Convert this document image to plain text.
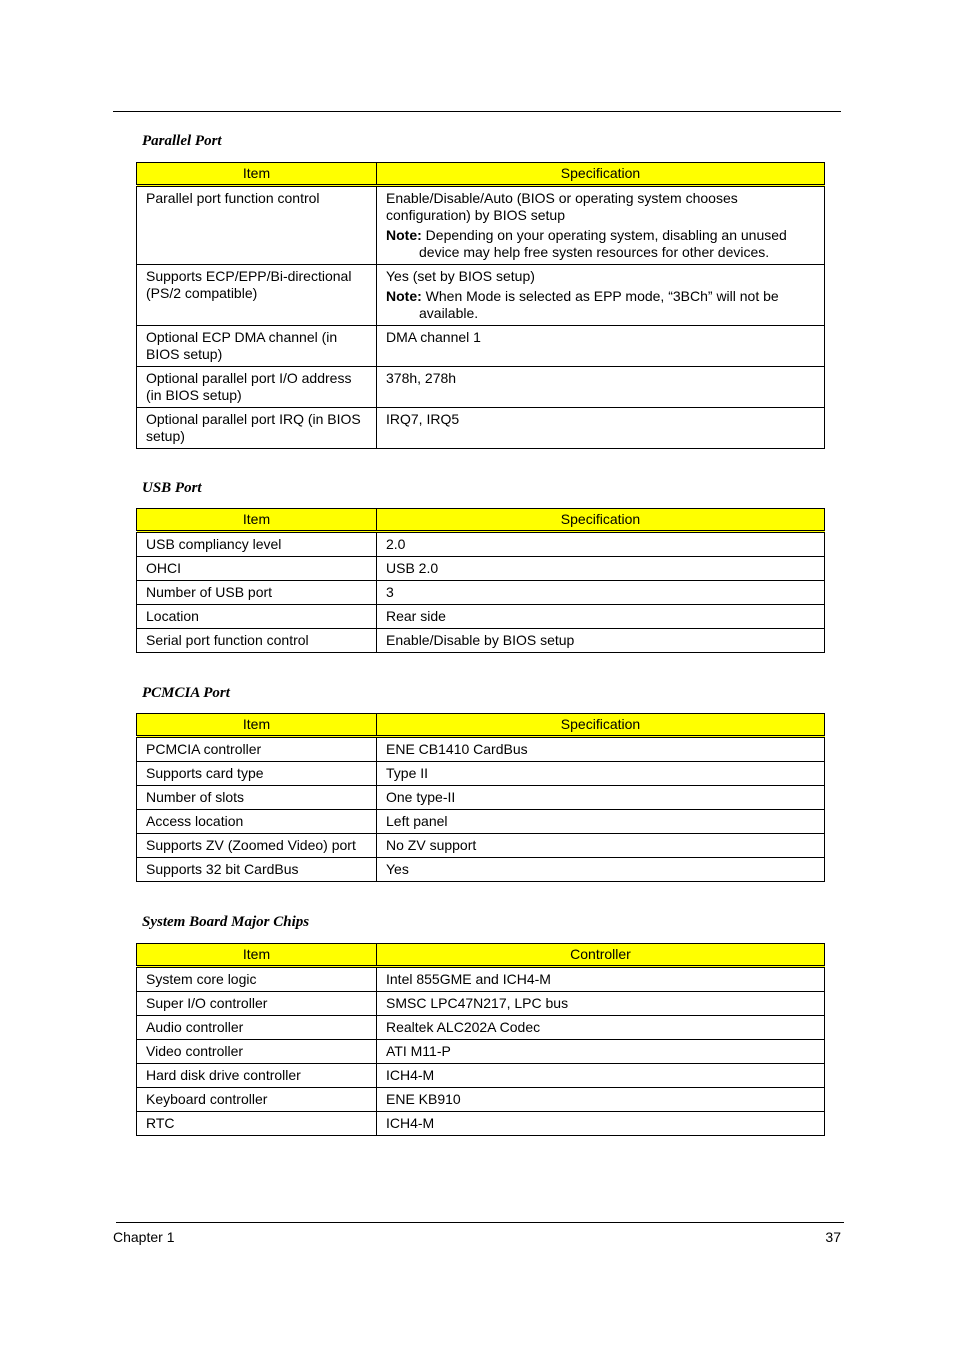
Parallel Port
Item	Specification
Parallel port function control	Enable/Disable/Auto (BIOS or operating system chooses configuration) by BIOS setup
Note: Depending on your operating system, disabling an unused device may help free systen resources for other devices.

Supports ECP/EPP/Bi-directional (PS/2 compatible)	Yes (set by BIOS setup)
Note: When Mode is selected as EPP mode, “3BCh” will not be available.

Optional ECP DMA channel (in BIOS setup)	DMA channel 1
Optional parallel port I/O address (in BIOS setup)	378h, 278h
Optional parallel port IRQ (in BIOS setup)	IRQ7, IRQ5
USB Port
Item	Specification
USB compliancy level	2.0
OHCI	USB 2.0
Number of USB port	3
Location	Rear side
Serial port function control	Enable/Disable by BIOS setup
PCMCIA Port
Item	Specification
PCMCIA controller	ENE CB1410 CardBus
Supports card type	Type II
Number of slots	One type-II
Access location	Left panel
Supports ZV (Zoomed Video) port	No ZV support
Supports 32 bit CardBus	Yes
System Board Major Chips
Item	Controller
System core logic	Intel 855GME and ICH4-M
Super I/O controller	SMSC LPC47N217, LPC bus
Audio controller	Realtek ALC202A Codec
Video controller	ATI M11-P
Hard disk drive controller	ICH4-M
Keyboard controller	ENE KB910
RTC	ICH4-M
Chapter 1	37
